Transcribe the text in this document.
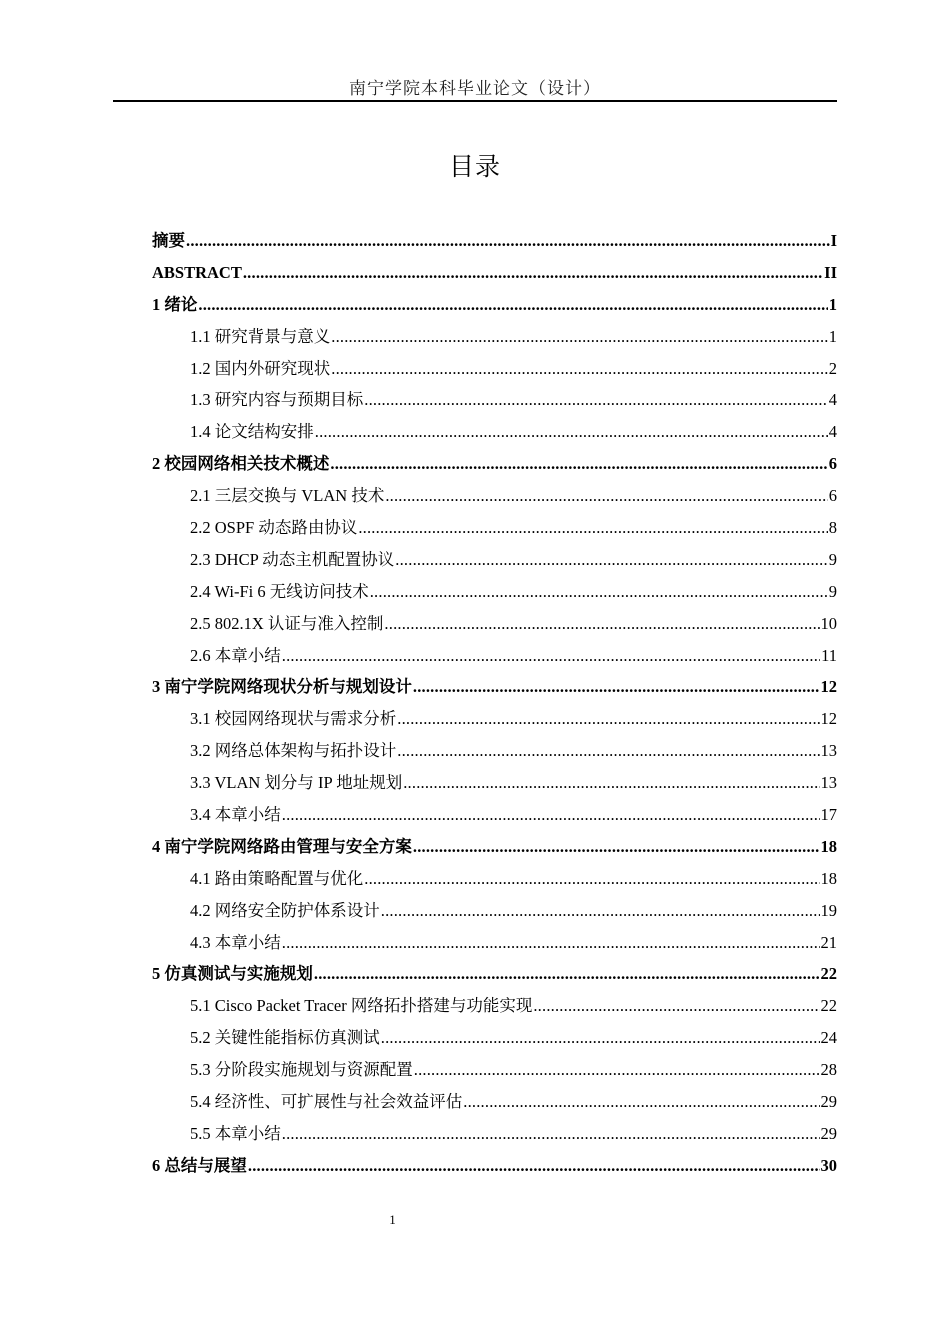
南宁学院本科毕业论文（设计）
目录
摘要 .....	I
ABSTRACT .....	II
1 绪论 .....	1
1.1 研究背景与意义 .....	1
1.2 国内外研究现状 .....	2
1.3 研究内容与预期目标 .....	4
1.4 论文结构安排 .....	4
2 校园网络相关技术概述 .....	6
2.1 三层交换与 VLAN 技术 .....	6
2.2 OSPF 动态路由协议 .....	8
2.3 DHCP 动态主机配置协议 .....	9
2.4 Wi-Fi 6 无线访问技术 .....	9
2.5 802.1X 认证与准入控制 .....	10
2.6 本章小结 .....	11
3 南宁学院网络现状分析与规划设计 .....	12
3.1 校园网络现状与需求分析 .....	12
3.2 网络总体架构与拓扑设计 .....	13
3.3 VLAN 划分与 IP 地址规划 .....	13
3.4 本章小结 .....	17
4 南宁学院网络路由管理与安全方案 .....	18
4.1 路由策略配置与优化 .....	18
4.2 网络安全防护体系设计 .....	19
4.3 本章小结 .....	21
5 仿真测试与实施规划 .....	22
5.1 Cisco Packet Tracer 网络拓扑搭建与功能实现 .....	22
5.2 关键性能指标仿真测试 .....	24
5.3 分阶段实施规划与资源配置 .....	28
5.4 经济性、可扩展性与社会效益评估 .....	29
5.5 本章小结 .....	29
6 总结与展望 .....	30
1
